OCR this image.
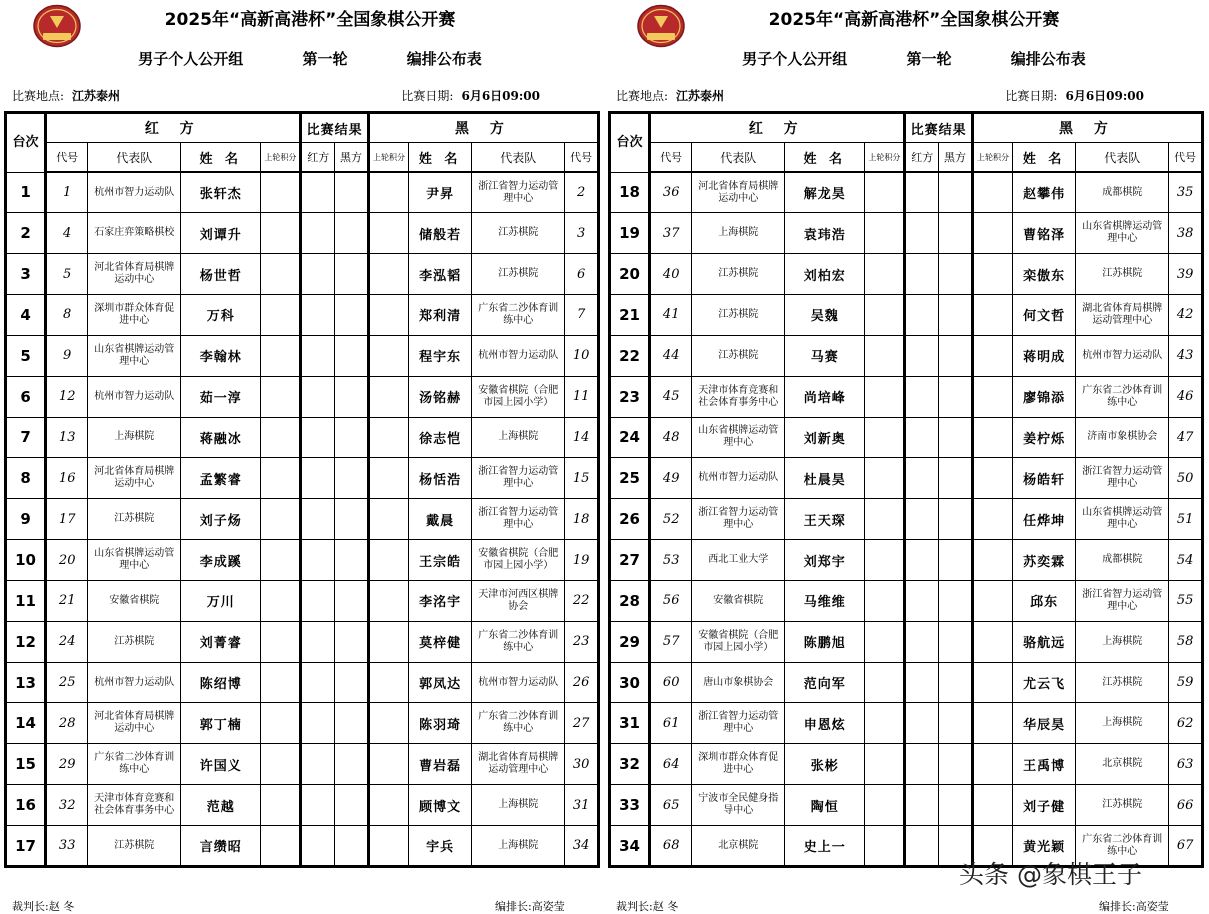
2025年“高新高港杯”全国象棋公开赛
男子个人公开组	第一轮	编排公布表
比赛地点: 江苏泰州	比赛日期: 6月6日09:00
台次	红 方				比赛结果		黑 方			
	代号	代表队	姓 名	上轮积分	红方	黑方	上轮积分	姓 名	代表队	代号
1	1	杭州市智力运动队	张轩杰					尹昇	浙江省智力运动管理中心	2
2	4	石家庄弈策略棋校	刘谭升					储般若	江苏棋院	3
3	5	河北省体育局棋牌运动中心	杨世哲					李泓韬	江苏棋院	6
4	8	深圳市群众体育促进中心	万科					郑利清	广东省二沙体育训练中心	7
5	9	山东省棋牌运动管理中心	李翰林					程宇东	杭州市智力运动队	10
6	12	杭州市智力运动队	茹一淳					汤铭赫	安徽省棋院（合肥市园上园小学）	11
7	13	上海棋院	蒋融冰					徐志恺	上海棋院	14
8	16	河北省体育局棋牌运动中心	孟繁睿					杨恬浩	浙江省智力运动管理中心	15
9	17	江苏棋院	刘子炀					戴晨	浙江省智力运动管理中心	18
10	20	山东省棋牌运动管理中心	李成蹊					王宗皓	安徽省棋院（合肥市园上园小学）	19
11	21	安徽省棋院	万川					李洺宇	天津市河西区棋牌协会	22
12	24	江苏棋院	刘菁睿					莫梓健	广东省二沙体育训练中心	23
13	25	杭州市智力运动队	陈绍博					郭凤达	杭州市智力运动队	26
14	28	河北省体育局棋牌运动中心	郭丁楠					陈羽琦	广东省二沙体育训练中心	27
15	29	广东省二沙体育训练中心	许国义					曹岩磊	湖北省体育局棋牌运动管理中心	30
16	32	天津市体育竞赛和社会体育事务中心	范越					顾博文	上海棋院	31
17	33	江苏棋院	言缵昭					宇兵	上海棋院	34
裁判长:赵 冬	编排长:高姿莹
2025年“高新高港杯”全国象棋公开赛
男子个人公开组	第一轮	编排公布表
比赛地点: 江苏泰州	比赛日期: 6月6日09:00
台次	红 方				比赛结果		黑 方			
	代号	代表队	姓 名	上轮积分	红方	黑方	上轮积分	姓 名	代表队	代号
18	36	河北省体育局棋牌运动中心	解龙昊					赵攀伟	成都棋院	35
19	37	上海棋院	袁玮浩					曹铭泽	山东省棋牌运动管理中心	38
20	40	江苏棋院	刘柏宏					栾傲东	江苏棋院	39
21	41	江苏棋院	吴魏					何文哲	湖北省体育局棋牌运动管理中心	42
22	44	江苏棋院	马赛					蒋明成	杭州市智力运动队	43
23	45	天津市体育竞赛和社会体育事务中心	尚培峰					廖锦添	广东省二沙体育训练中心	46
24	48	山东省棋牌运动管理中心	刘新奥					姜柠烁	济南市象棋协会	47
25	49	杭州市智力运动队	杜晨昊					杨皓轩	浙江省智力运动管理中心	50
26	52	浙江省智力运动管理中心	王天琛					任烨坤	山东省棋牌运动管理中心	51
27	53	西北工业大学	刘郑宇					苏奕霖	成都棋院	54
28	56	安徽省棋院	马维维					邱东	浙江省智力运动管理中心	55
29	57	安徽省棋院（合肥市园上园小学）	陈鹏旭					骆航远	上海棋院	58
30	60	唐山市象棋协会	范向军					尤云飞	江苏棋院	59
31	61	浙江省智力运动管理中心	申恩炫					华辰昊	上海棋院	62
32	64	深圳市群众体育促进中心	张彬					王禹博	北京棋院	63
33	65	宁波市全民健身指导中心	陶恒					刘子健	江苏棋院	66
34	68	北京棋院	史上一					黄光颖	广东省二沙体育训练中心	67
裁判长:赵 冬	编排长:高姿莹
头条 @象棋王子
